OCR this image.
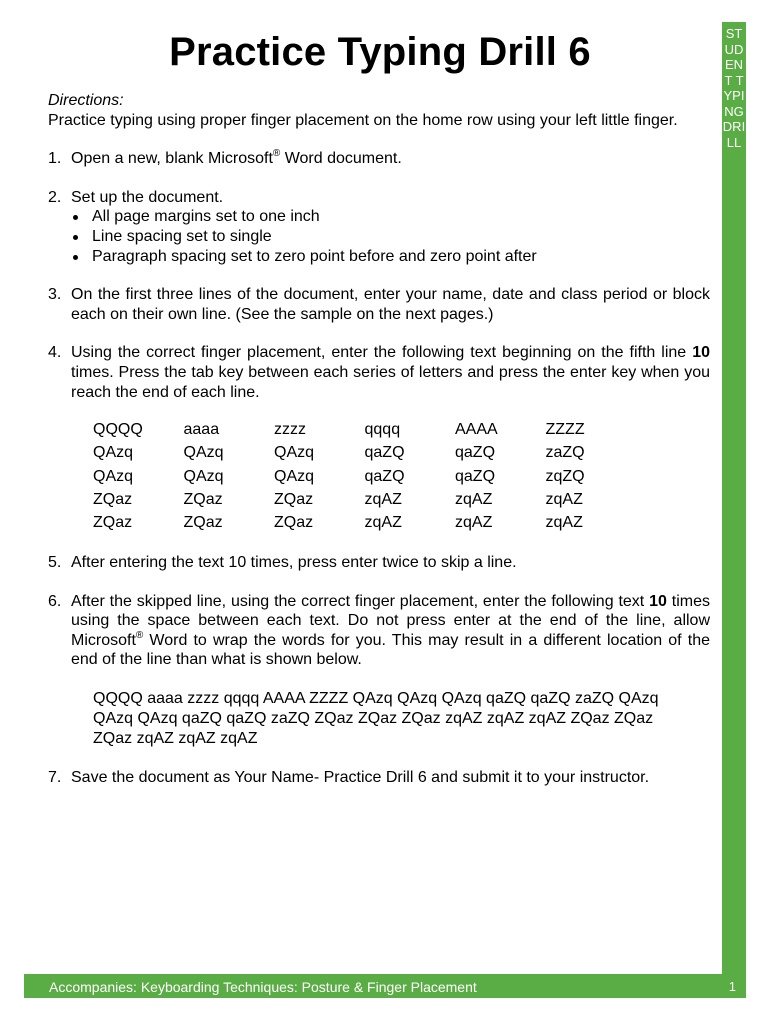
STUDENT TYPING DRILL
Practice Typing Drill 6
Directions:
Practice typing using proper finger placement on the home row using your left little finger.
1. Open a new, blank Microsoft® Word document.
2. Set up the document.
All page margins set to one inch
Line spacing set to single
Paragraph spacing set to zero point before and zero point after
3. On the first three lines of the document, enter your name, date and class period or block each on their own line. (See the sample on the next pages.)
4. Using the correct finger placement, enter the following text beginning on the fifth line 10 times. Press the tab key between each series of letters and press the enter key when you reach the end of each line.
QQQQ	aaaa	zzzz	qqqq	AAAA	ZZZZ
QAzq	QAzq	QAzq	qaZQ	qaZQ	zaZQ
QAzq	QAzq	QAzq	qaZQ	qaZQ	zqZQ
ZQaz	ZQaz	ZQaz	zqAZ	zqAZ	zqAZ
ZQaz	ZQaz	ZQaz	zqAZ	zqAZ	zqAZ
5. After entering the text 10 times, press enter twice to skip a line.
6. After the skipped line, using the correct finger placement, enter the following text 10 times using the space between each text. Do not press enter at the end of the line, allow Microsoft® Word to wrap the words for you. This may result in a different location of the end of the line than what is shown below.
QQQQ aaaa zzzz qqqq AAAA ZZZZ QAzq QAzq QAzq qaZQ qaZQ zaZQ QAzq QAzq QAzq qaZQ qaZQ zaZQ ZQaz ZQaz ZQaz zqAZ zqAZ zqAZ ZQaz ZQaz ZQaz zqAZ zqAZ zqAZ
7. Save the document as Your Name- Practice Drill 6 and submit it to your instructor.
Accompanies: Keyboarding Techniques: Posture & Finger Placement	1
